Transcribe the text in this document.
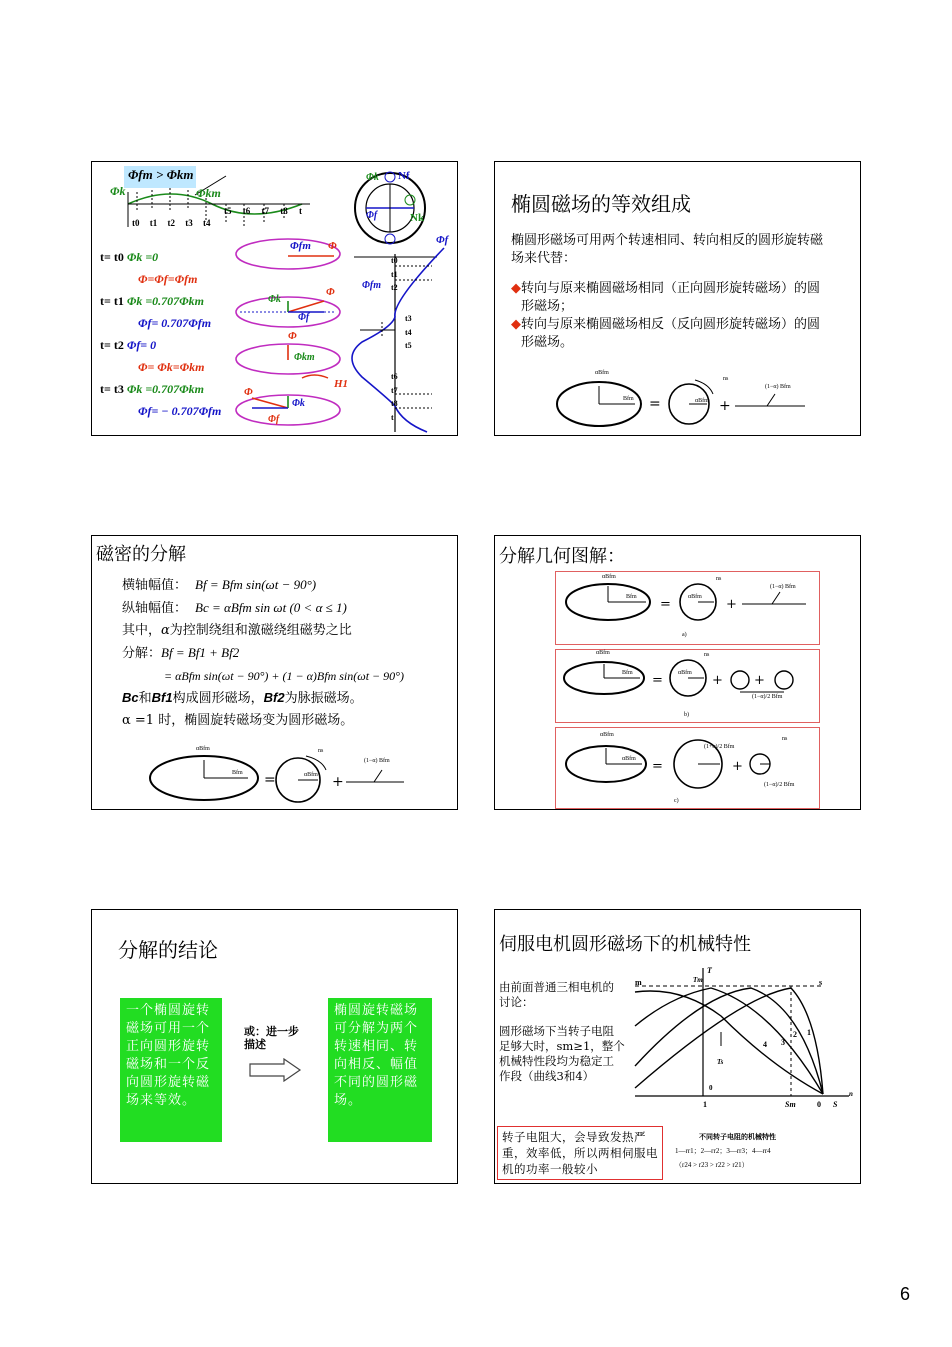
Φfm > Φkm
Φk	Φkm
t0 t1 t2 t3 t4
t5 t6 t7 t8 t
t= t0 Φk =0
Φ=Φf=Φfm
t= t1 Φk =0.707Φkm
Φf= 0.707Φfm
t= t2 Φf= 0
Φ= Φk=Φkm
t= t3 Φk =0.707Φkm
Φf= − 0.707Φfm
Φfm Φ
Φk
Φ
Φf
Φ
Φkm
Φ
Φk
Φf
H1
Φk
Φf
Nf
Nk
Φf
Φfm
t0
t1
t2
t3
t4
t5
t6
t7
t8
t
椭圆磁场的等效组成
椭圆形磁场可用两个转速相同、转向相反的圆形旋转磁场来代替：
◆ 转向与原来椭圆磁场相同（正向圆形旋转磁场）的圆形磁场；
◆ 转向与原来椭圆磁场相反（反向圆形旋转磁场）的圆形磁场。
=	+
αBfm
Bfm	αBfm
ns
(1−α) Bfm
磁密的分解
横轴幅值： Bf = Bfm sin(ωt − 90°)
纵轴幅值： Bc = αBfm sin ωt (0 < α ≤ 1)
其中，α为控制绕组和激磁绕组磁势之比
分解：Bf = Bf1 + Bf2
= αBfm sin(ωt − 90°) + (1 − α)Bfm sin(ωt − 90°)
Bc和Bf1构成圆形磁场，Bf2为脉振磁场。
α =1 时，椭圆旋转磁场变为圆形磁场。
=	+
αBfm
Bfm	αBfm
ns
(1−α) Bfm
分解几何图解：
=	+
αBfm
Bfm	αBfm
ns
(1−α) Bfm
a)
=	+ +
αBfm
Bfm	αBfm
ns
(1−α)/2 Bfm
b)
=	+
αBfm
αBfm
(1+α)/2 Bfm
ns
(1−α)/2 Bfm
c)
分解的结论
一个椭圆旋转磁场可用一个正向圆形旋转磁场和一个反向圆形旋转磁场来等效。
或：进一步描述
椭圆旋转磁场可分解为两个转速相同、转向相反、幅值不同的圆形磁场。
伺服电机圆形磁场下的机械特性
由前面普通三相电机的讨论：
圆形磁场下当转子电阻足够大时，sm≥1，整个机械特性段均为稳定工作段（曲线3和4）
转子电阻大，会导致发热严重，效率低，所以两相伺服电机的功率一般较小
m	s
T
Tm
Ts
0
1
2
3
4
1	Sm	0 S
n
不同转子电阻的机械特性
1—rr1；2—rr2；3—rr3；4—rr4
（r24 > r23 > r22 > r21）
6
